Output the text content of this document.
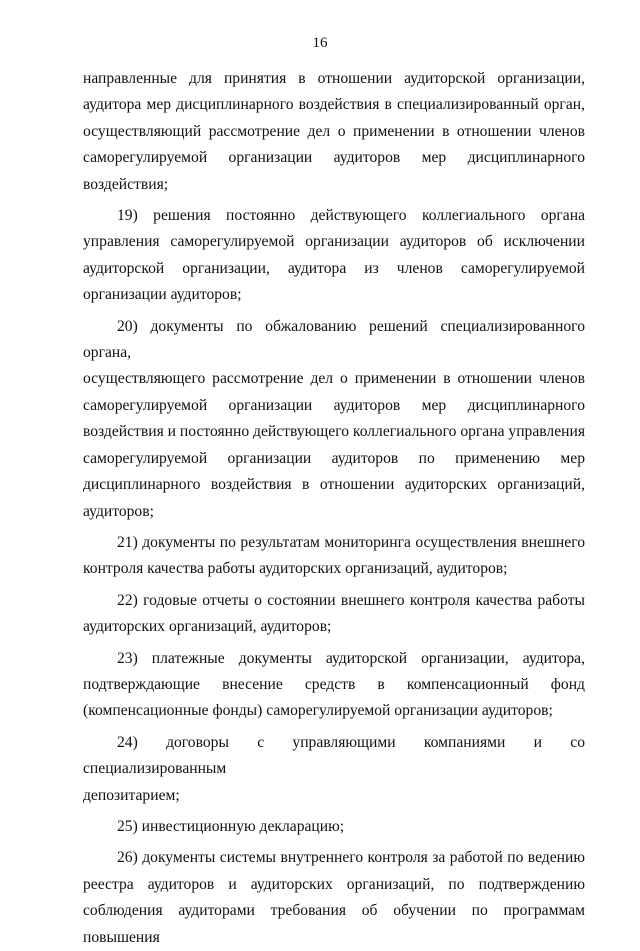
16
направленные для принятия в отношении аудиторской организации,
аудитора мер дисциплинарного воздействия в специализированный орган,
осуществляющий рассмотрение дел о применении в отношении членов
саморегулируемой организации аудиторов мер дисциплинарного
воздействия;
19) решения постоянно действующего коллегиального органа
управления саморегулируемой организации аудиторов об исключении
аудиторской организации, аудитора из членов саморегулируемой
организации аудиторов;
20) документы по обжалованию решений специализированного органа,
осуществляющего рассмотрение дел о применении в отношении членов
саморегулируемой организации аудиторов мер дисциплинарного
воздействия и постоянно действующего коллегиального органа управления
саморегулируемой организации аудиторов по применению мер
дисциплинарного воздействия в отношении аудиторских организаций,
аудиторов;
21) документы по результатам мониторинга осуществления внешнего
контроля качества работы аудиторских организаций, аудиторов;
22) годовые отчеты о состоянии внешнего контроля качества работы
аудиторских организаций, аудиторов;
23) платежные документы аудиторской организации, аудитора,
подтверждающие внесение средств в компенсационный фонд
(компенсационные фонды) саморегулируемой организации аудиторов;
24) договоры с управляющими компаниями и со специализированным
депозитарием;
25) инвестиционную декларацию;
26) документы системы внутреннего контроля за работой по ведению
реестра аудиторов и аудиторских организаций, по подтверждению
соблюдения аудиторами требования об обучении по программам повышения
